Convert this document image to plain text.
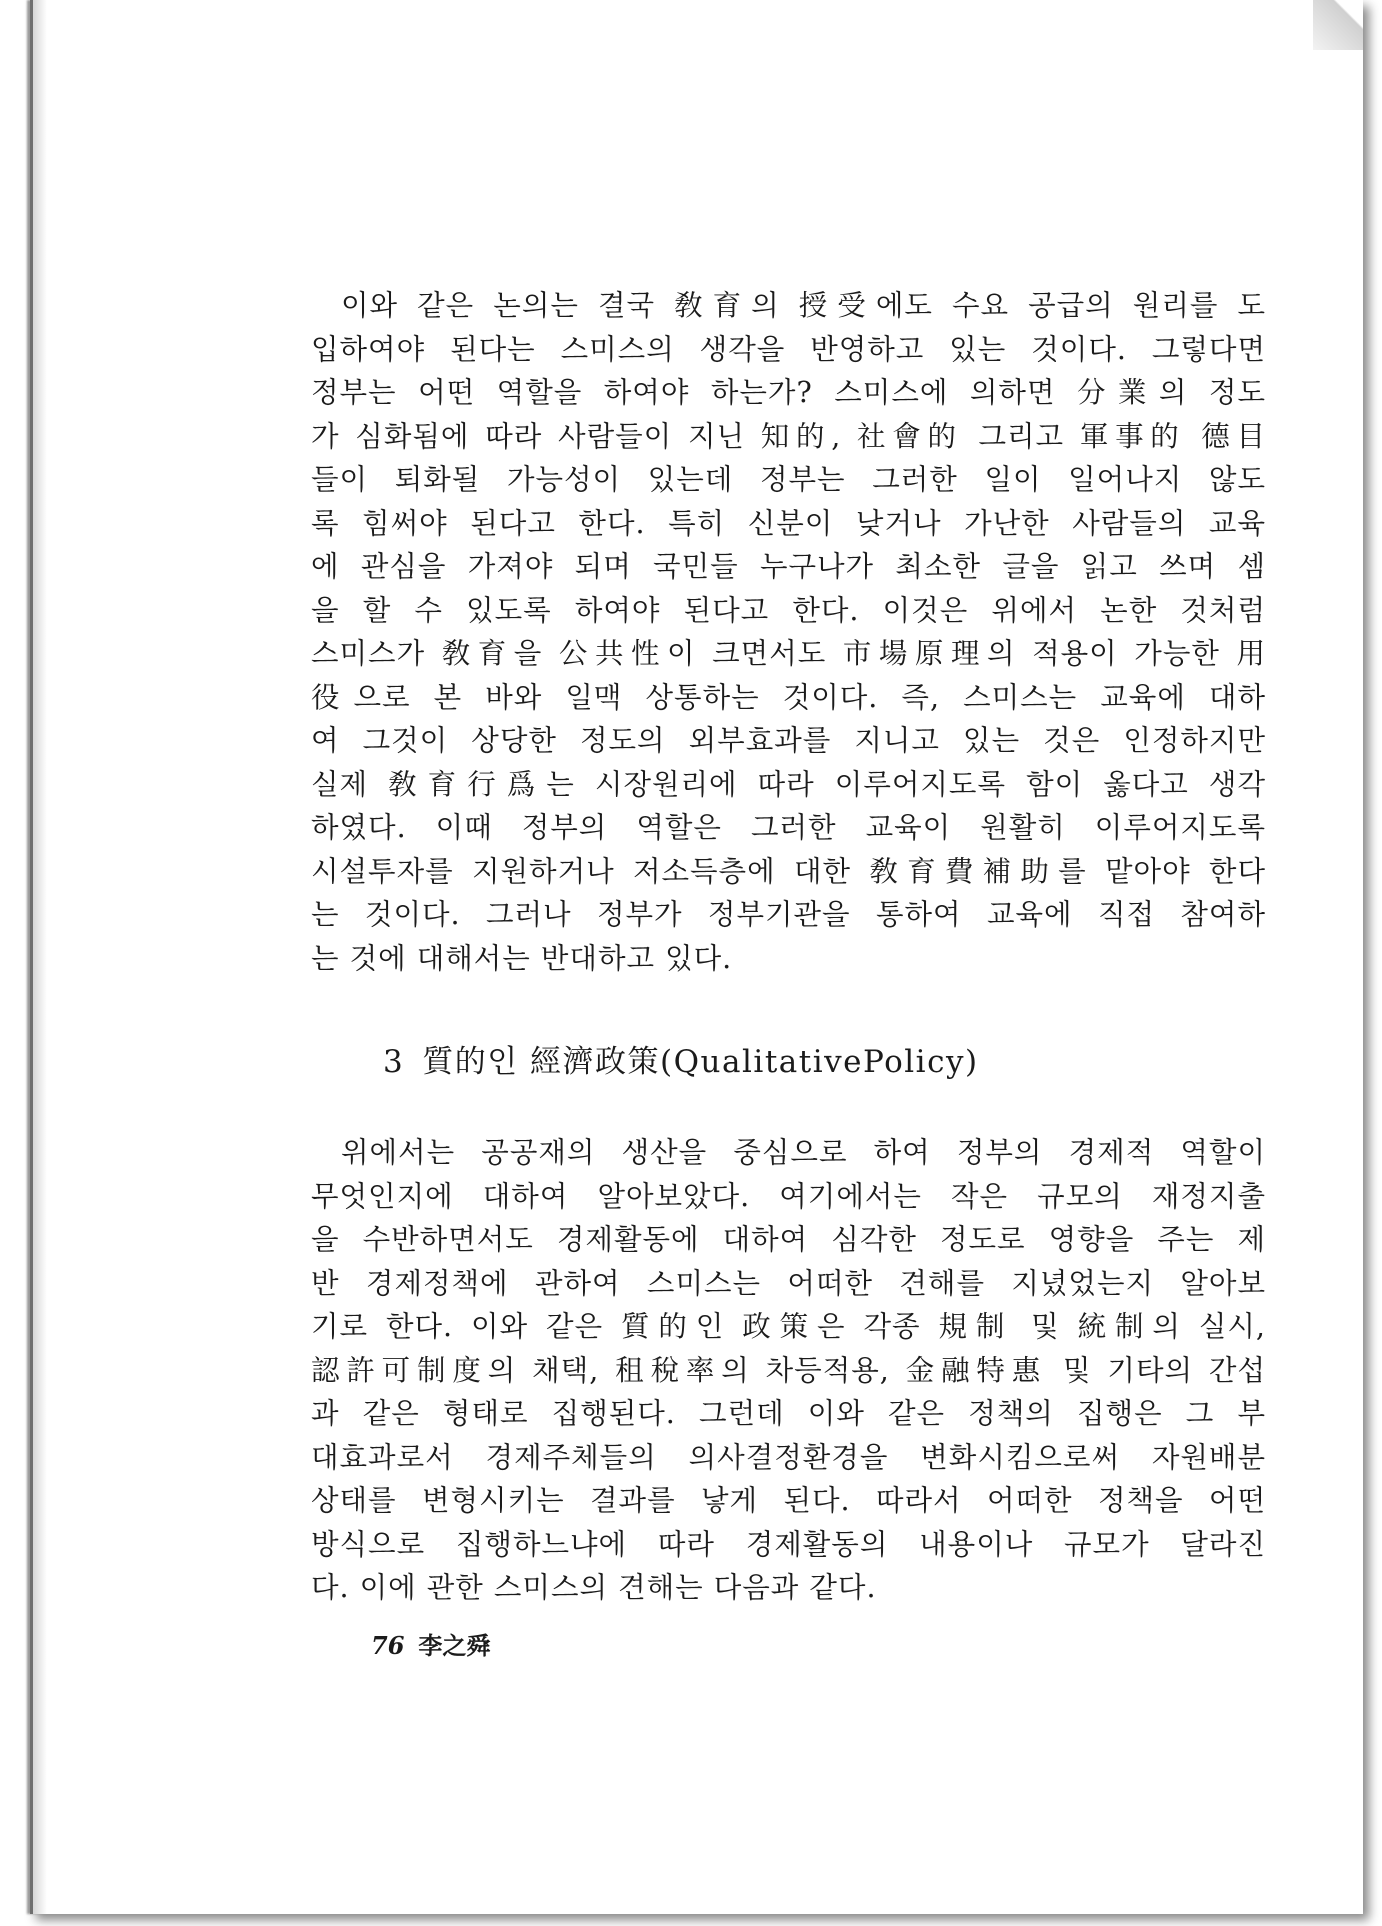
이와 같은 논의는 결국 敎育의 授受에도 수요 공급의 원리를 도
입하여야 된다는 스미스의 생각을 반영하고 있는 것이다. 그렇다면
정부는 어떤 역할을 하여야 하는가? 스미스에 의하면 分業의 정도
가 심화됨에 따라 사람들이 지닌 知的, 社會的 그리고 軍事的 德目
들이 퇴화될 가능성이 있는데 정부는 그러한 일이 일어나지 않도
록 힘써야 된다고 한다. 특히 신분이 낮거나 가난한 사람들의 교육
에 관심을 가져야 되며 국민들 누구나가 최소한 글을 읽고 쓰며 셈
을 할 수 있도록 하여야 된다고 한다. 이것은 위에서 논한 것처럼
스미스가 敎育을 公共性이 크면서도 市場原理의 적용이 가능한 用
役으로 본 바와 일맥 상통하는 것이다. 즉, 스미스는 교육에 대하
여 그것이 상당한 정도의 외부효과를 지니고 있는 것은 인정하지만
실제 敎育行爲는 시장원리에 따라 이루어지도록 함이 옳다고 생각
하였다. 이때 정부의 역할은 그러한 교육이 원활히 이루어지도록
시설투자를 지원하거나 저소득층에 대한 敎育費補助를 맡아야 한다
는 것이다. 그러나 정부가 정부기관을 통하여 교육에 직접 참여하
는 것에 대해서는 반대하고 있다.
3 質的인 經濟政策(QualitativePolicy)
위에서는 공공재의 생산을 중심으로 하여 정부의 경제적 역할이
무엇인지에 대하여 알아보았다. 여기에서는 작은 규모의 재정지출
을 수반하면서도 경제활동에 대하여 심각한 정도로 영향을 주는 제
반 경제정책에 관하여 스미스는 어떠한 견해를 지녔었는지 알아보
기로 한다. 이와 같은 質的인 政策은 각종 規制 및 統制의 실시,
認許可制度의 채택, 租稅率의 차등적용, 金融特惠 및 기타의 간섭
과 같은 형태로 집행된다. 그런데 이와 같은 정책의 집행은 그 부
대효과로서 경제주체들의 의사결정환경을 변화시킴으로써 자원배분
상태를 변형시키는 결과를 낳게 된다. 따라서 어떠한 정책을 어떤
방식으로 집행하느냐에 따라 경제활동의 내용이나 규모가 달라진
다. 이에 관한 스미스의 견해는 다음과 같다.
76 李之舜
